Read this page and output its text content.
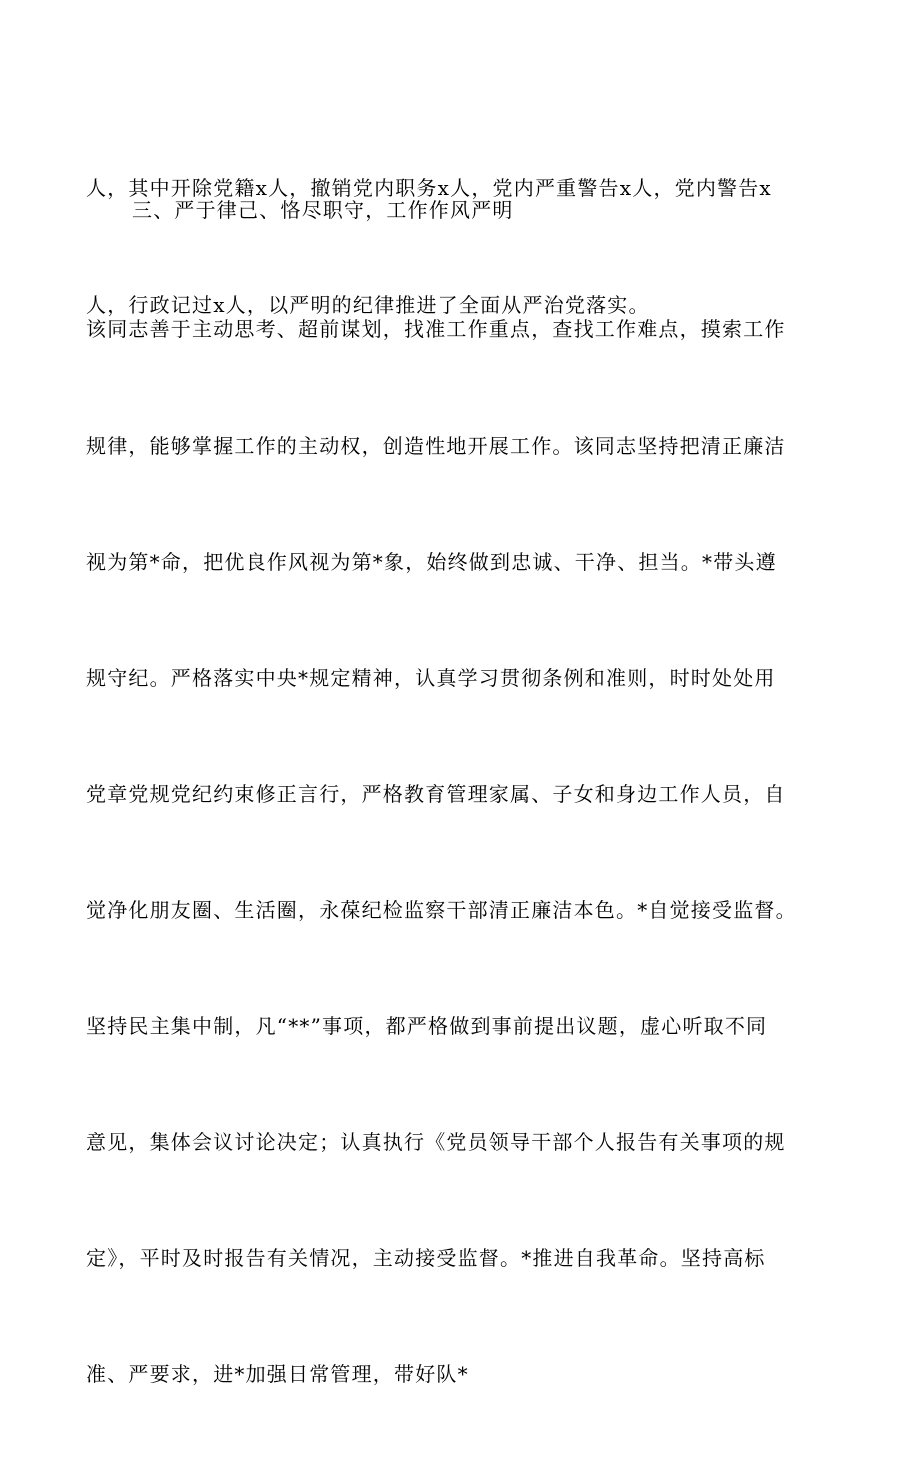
人，其中开除党籍x人，撤销党内职务x人，党内严重警告x人，党内警告x

人，行政记过x人，以严明的纪律推进了全面从严治党落实。

三、严于律己、恪尽职守，工作作风严明

该同志善于主动思考、超前谋划，找准工作重点，查找工作难点，摸索工作

规律，能够掌握工作的主动权，创造性地开展工作。该同志坚持把清正廉洁

视为第*命，把优良作风视为第*象，始终做到忠诚、干净、担当。*带头遵

规守纪。严格落实中央*规定精神，认真学习贯彻条例和准则，时时处处用

党章党规党纪约束修正言行，严格教育管理家属、子女和身边工作人员，自

觉净化朋友圈、生活圈，永葆纪检监察干部清正廉洁本色。*自觉接受监督。

坚持民主集中制，凡“**”事项，都严格做到事前提出议题，虚心听取不同

意见，集体会议讨论决定；认真执行《党员领导干部个人报告有关事项的规

定》，平时及时报告有关情况，主动接受监督。*推进自我革命。坚持高标

准、严要求，进*加强日常管理，带好队*
